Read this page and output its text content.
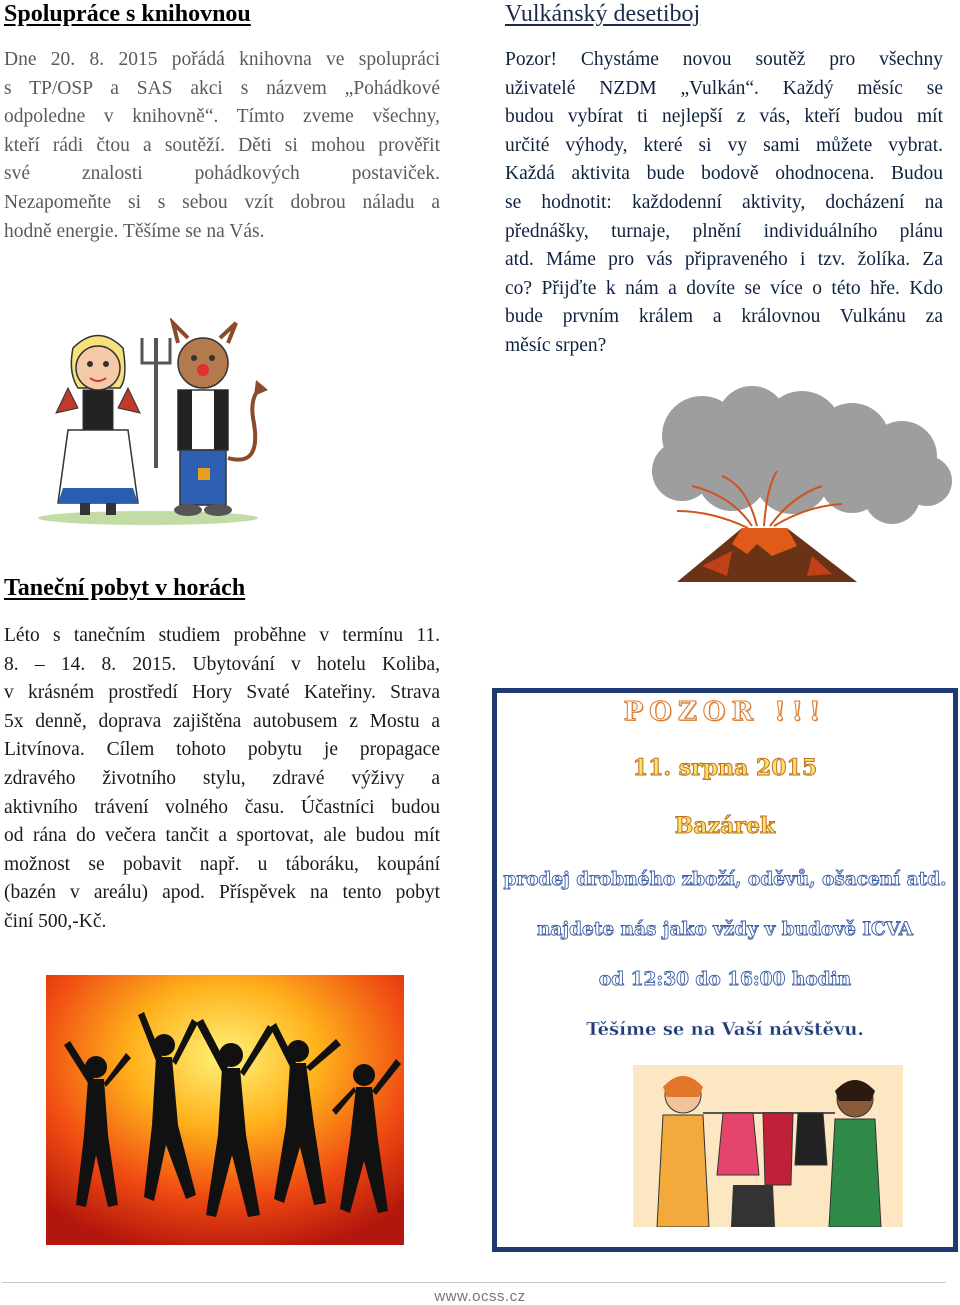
Spolupráce s knihovnou
Dne 20. 8. 2015 pořádá knihovna ve spolupráci
s TP/OSP a SAS akci s názvem „Pohádkové
odpoledne v knihovně“. Tímto zveme všechny,
kteří rádi čtou a soutěží. Děti si mohou prověřit
své znalosti pohádkových postaviček.
Nezapomeňte si s sebou vzít dobrou náladu a
hodně energie. Těšíme se na Vás.
Vulkánský desetiboj
Pozor! Chystáme novou soutěž pro všechny
uživatelé NZDM „Vulkán“. Každý měsíc se
budou vybírat ti nejlepší z vás, kteří budou mít
určité výhody, které si vy sami můžete vybrat.
Každá aktivita bude bodově ohodnocena. Budou
se hodnotit: každodenní aktivity, docházení na
přednášky, turnaje, plnění individuálního plánu
atd. Máme pro vás připraveného i tzv. žolíka. Za
co? Přijďte k nám a dovíte se více o této hře. Kdo
bude prvním králem a královnou Vulkánu za
měsíc srpen?
Taneční pobyt v horách
Léto s tanečním studiem proběhne v termínu 11.
8. – 14. 8. 2015. Ubytování v hotelu Koliba,
v krásném prostředí Hory Svaté Kateřiny. Strava
5x denně, doprava zajištěna autobusem z Mostu a
Litvínova. Cílem tohoto pobytu je propagace
zdravého životního stylu, zdravé výživy a
aktivního trávení volného času. Účastníci budou
od rána do večera tančit a sportovat, ale budou mít
možnost se pobavit např. u táboráku, koupání
(bazén v areálu) apod. Příspěvek na tento pobyt
činí 500,-Kč.
POZOR !!!
11. srpna 2015
Bazárek
prodej drobného zboží, oděvů, ošacení atd.
najdete nás jako vždy v budově ICVA
od 12:30 do 16:00 hodin
Těšíme se na Vaší návštěvu.
www.ocss.cz
